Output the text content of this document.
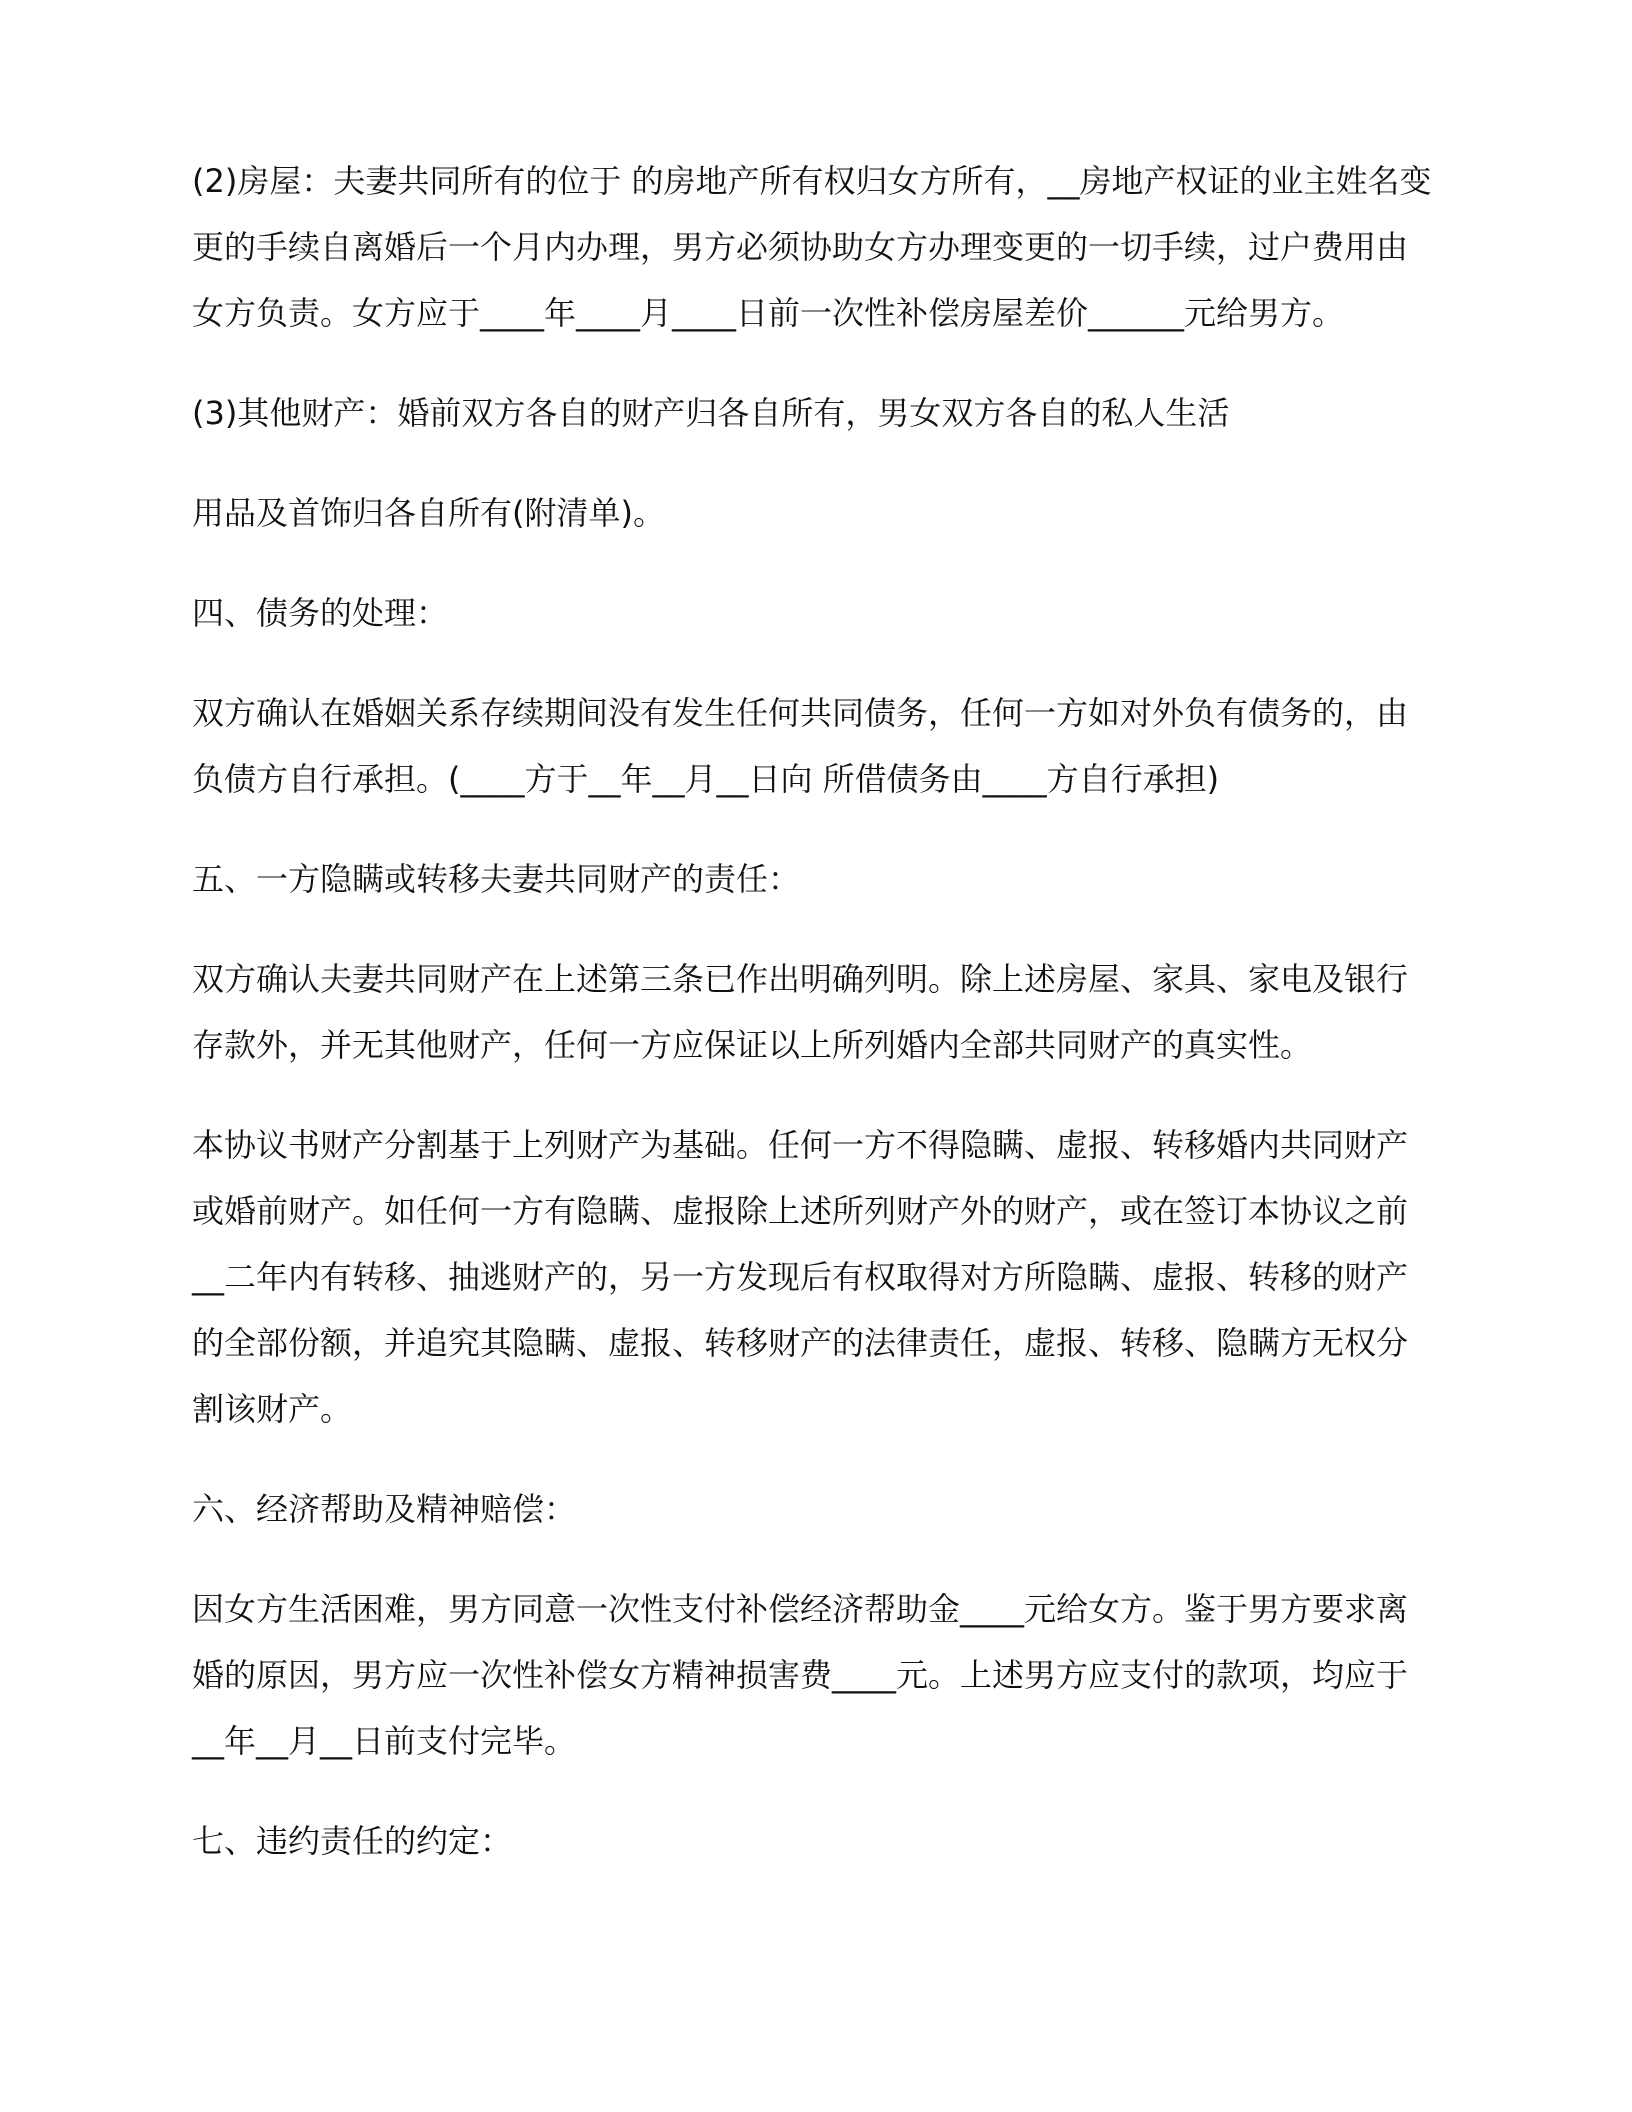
(2)房屋：夫妻共同所有的位于 的房地产所有权归女方所有，__房地产权证的业主姓名变

更的手续自离婚后一个月内办理，男方必须协助女方办理变更的一切手续，过户费用由

女方负责。女方应于____年____月____日前一次性补偿房屋差价______元给男方。

(3)其他财产：婚前双方各自的财产归各自所有，男女双方各自的私人生活

用品及首饰归各自所有(附清单)。

四、债务的处理：

双方确认在婚姻关系存续期间没有发生任何共同债务，任何一方如对外负有债务的，由

负债方自行承担。(____方于__年__月__日向 所借债务由____方自行承担)

五、一方隐瞒或转移夫妻共同财产的责任：

双方确认夫妻共同财产在上述第三条已作出明确列明。除上述房屋、家具、家电及银行

存款外，并无其他财产，任何一方应保证以上所列婚内全部共同财产的真实性。

本协议书财产分割基于上列财产为基础。任何一方不得隐瞒、虚报、转移婚内共同财产

或婚前财产。如任何一方有隐瞒、虚报除上述所列财产外的财产，或在签订本协议之前

__二年内有转移、抽逃财产的，另一方发现后有权取得对方所隐瞒、虚报、转移的财产

的全部份额，并追究其隐瞒、虚报、转移财产的法律责任，虚报、转移、隐瞒方无权分

割该财产。

六、经济帮助及精神赔偿：

因女方生活困难，男方同意一次性支付补偿经济帮助金____元给女方。鉴于男方要求离

婚的原因，男方应一次性补偿女方精神损害费____元。上述男方应支付的款项，均应于

__年__月__日前支付完毕。

七、违约责任的约定：
